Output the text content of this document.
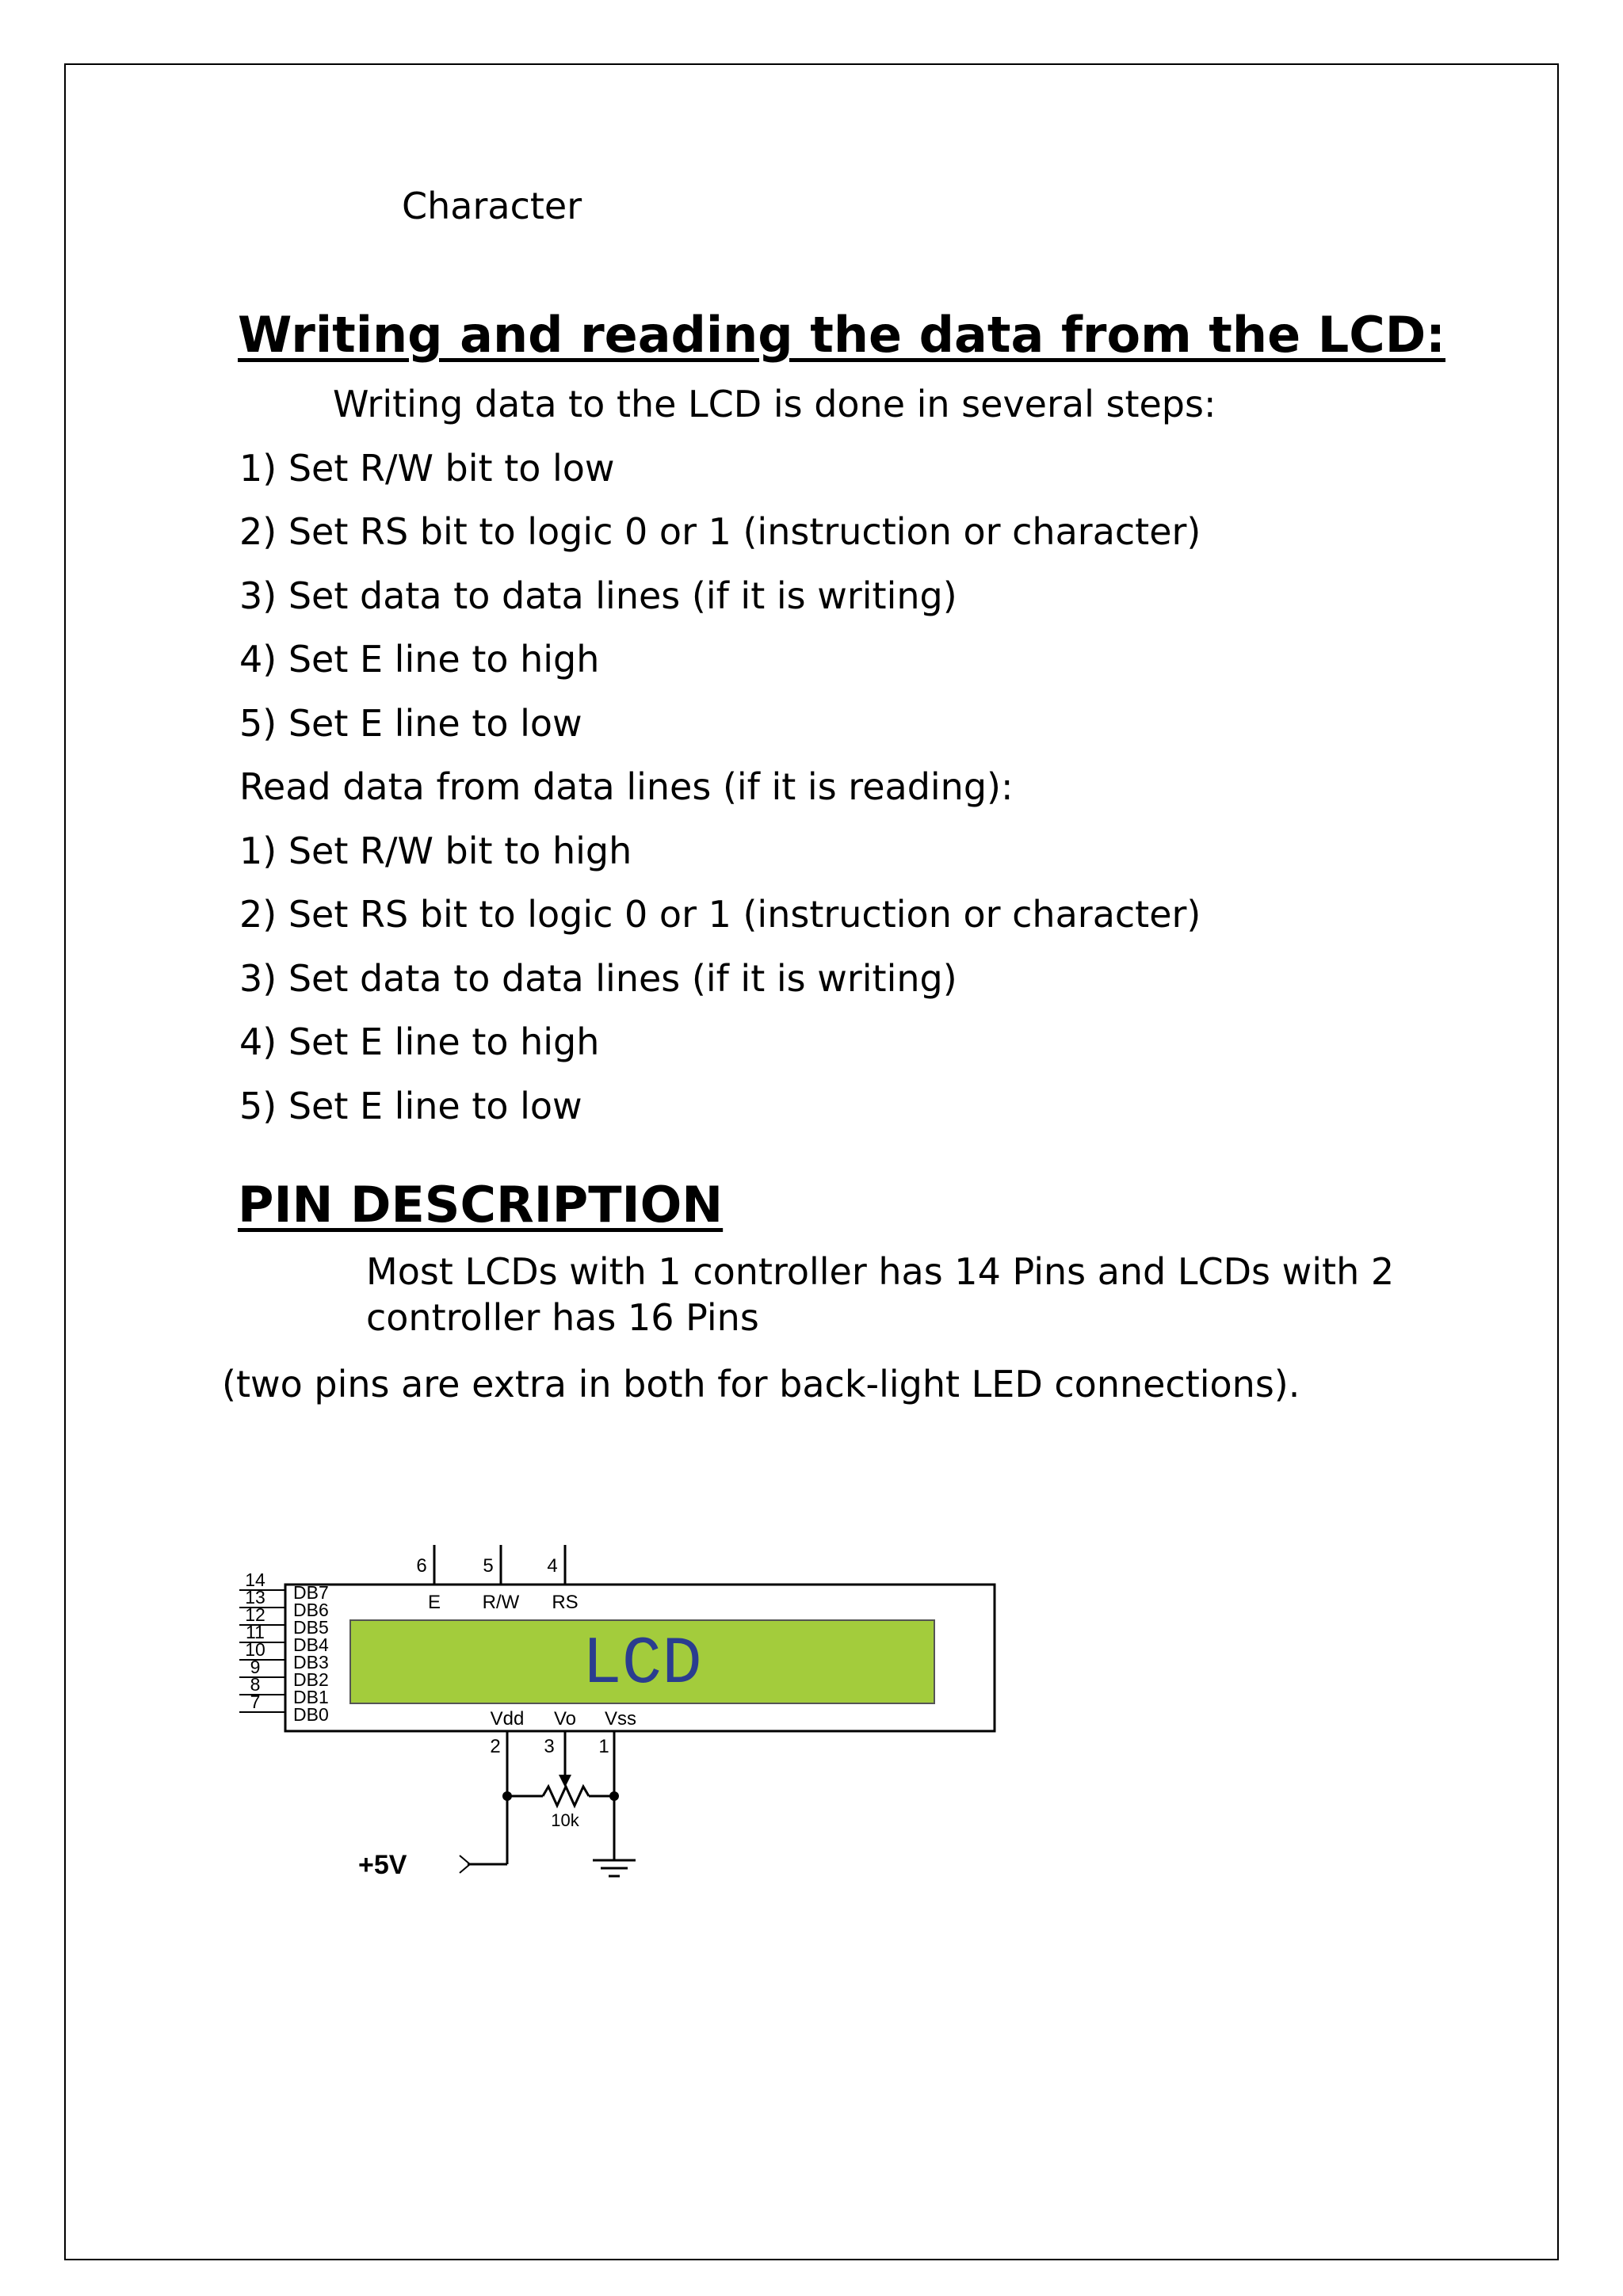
Character
Writing and reading the data from the LCD:
Writing data to the LCD is done in several steps:
1) Set R/W bit to low
2) Set RS bit to logic 0 or 1 (instruction or character)
3) Set data to data lines (if it is writing)
4) Set E line to high
5) Set E line to low
Read data from data lines (if it is reading):
1) Set R/W bit to high
2) Set RS bit to logic 0 or 1 (instruction or character)
3) Set data to data lines (if it is writing)
4) Set E line to high
5) Set E line to low
PIN DESCRIPTION
Most LCDs with 1 controller has 14 Pins and LCDs with 2
controller has 16 Pins
(two pins are extra in both for back-light LED connections).
LCD
14
13
12
11
10
9
8
7
DB7
DB6
DB5
DB4
DB3
DB2
DB1
DB0
6	5	4
E R/W RS
Vdd Vo Vss
2 3 1
10k
+5V
